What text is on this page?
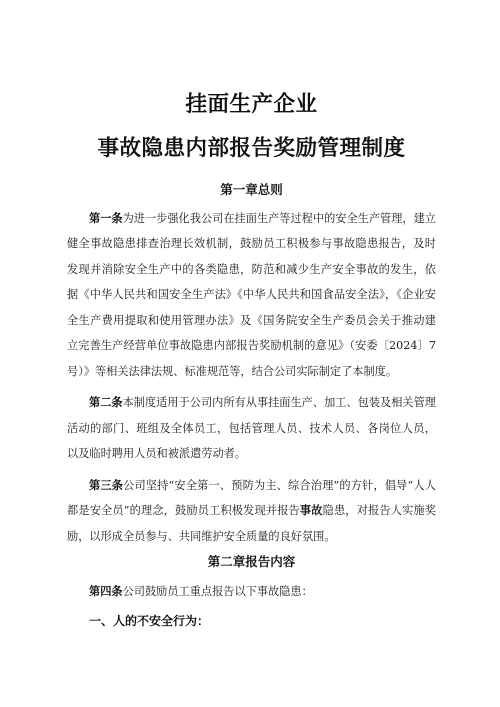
挂面生产企业
事故隐患内部报告奖励管理制度
第一章总则

第一条为进一步强化我公司在挂面生产等过程中的安全生产管理，建立健全事故隐患排查治理长效机制，鼓励员工积极参与事故隐患报告，及时发现并消除安全生产中的各类隐患，防范和减少生产安全事故的发生，依据《中华人民共和国安全生产法》《中华人民共和国食品安全法》，《企业安全生产费用提取和使用管理办法》及《国务院安全生产委员会关于推动建立完善生产经营单位事故隐患内部报告奖励机制的意见》（安委〔2024〕7号）》等相关法律法规、标准规范等，结合公司实际制定了本制度。

第二条本制度适用于公司内所有从事挂面生产、加工、包装及相关管理活动的部门、班组及全体员工，包括管理人员、技术人员、各岗位人员，以及临时聘用人员和被派遣劳动者。

第三条公司坚持“安全第一、预防为主、综合治理”的方针，倡导“人人都是安全员”的理念，鼓励员工积极发现并报告事故隐患，对报告人实施奖励，以形成全员参与、共同维护安全质量的良好氛围。

第二章报告内容

第四条公司鼓励员工重点报告以下事故隐患：

一、人的不安全行为：
